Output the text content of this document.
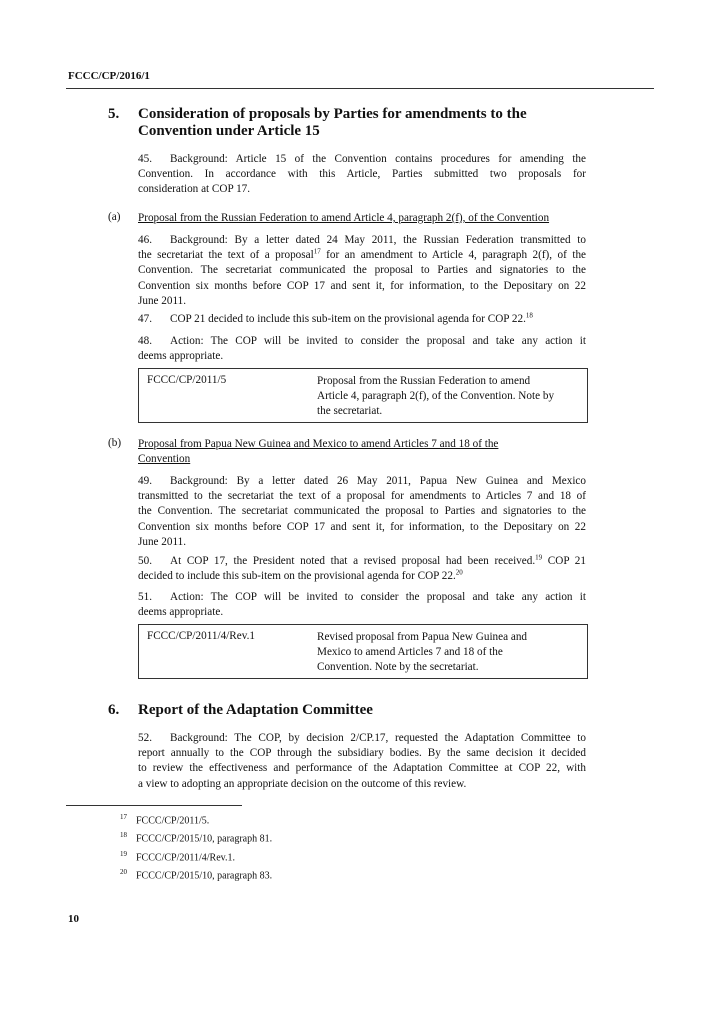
FCCC/CP/2016/1
5. Consideration of proposals by Parties for amendments to the
Convention under Article 15
45. Background: Article 15 of the Convention contains procedures for amending the
Convention. In accordance with this Article, Parties submitted two proposals for
consideration at COP 17.
(a) Proposal from the Russian Federation to amend Article 4, paragraph 2(f), of the Convention
46. Background: By a letter dated 24 May 2011, the Russian Federation transmitted to
the secretariat the text of a proposal$^{17}$ for an amendment to Article 4, paragraph 2(f), of the
Convention. The secretariat communicated the proposal to Parties and signatories to the
Convention six months before COP 17 and sent it, for information, to the Depositary on 22
June 2011.
47. COP 21 decided to include this sub-item on the provisional agenda for COP 22.18
48. Action: The COP will be invited to consider the proposal and take any action it
deems appropriate.
FCCC/CP/2011/5	Proposal from the Russian Federation to amend
Article 4, paragraph 2(f), of the Convention. Note by
the secretariat.
(b) Proposal from Papua New Guinea and Mexico to amend Articles 7 and 18 of the
Convention
49. Background: By a letter dated 26 May 2011, Papua New Guinea and Mexico
transmitted to the secretariat the text of a proposal for amendments to Articles 7 and 18 of
the Convention. The secretariat communicated the proposal to Parties and signatories to the
Convention six months before COP 17 and sent it, for information, to the Depositary on 22
June 2011.
50. At COP 17, the President noted that a revised proposal had been received.$^{19}$ COP 21
decided to include this sub-item on the provisional agenda for COP 22.20
51. Action: The COP will be invited to consider the proposal and take any action it
deems appropriate.
FCCC/CP/2011/4/Rev.1	Revised proposal from Papua New Guinea and
Mexico to amend Articles 7 and 18 of the
Convention. Note by the secretariat.
6. Report of the Adaptation Committee
52. Background: The COP, by decision 2/CP.17, requested the Adaptation Committee to
report annually to the COP through the subsidiary bodies. By the same decision it decided
to review the effectiveness and performance of the Adaptation Committee at COP 22, with
a view to adopting an appropriate decision on the outcome of this review.
17 FCCC/CP/2011/5.
18 FCCC/CP/2015/10, paragraph 81.
19 FCCC/CP/2011/4/Rev.1.
20 FCCC/CP/2015/10, paragraph 83.
10
